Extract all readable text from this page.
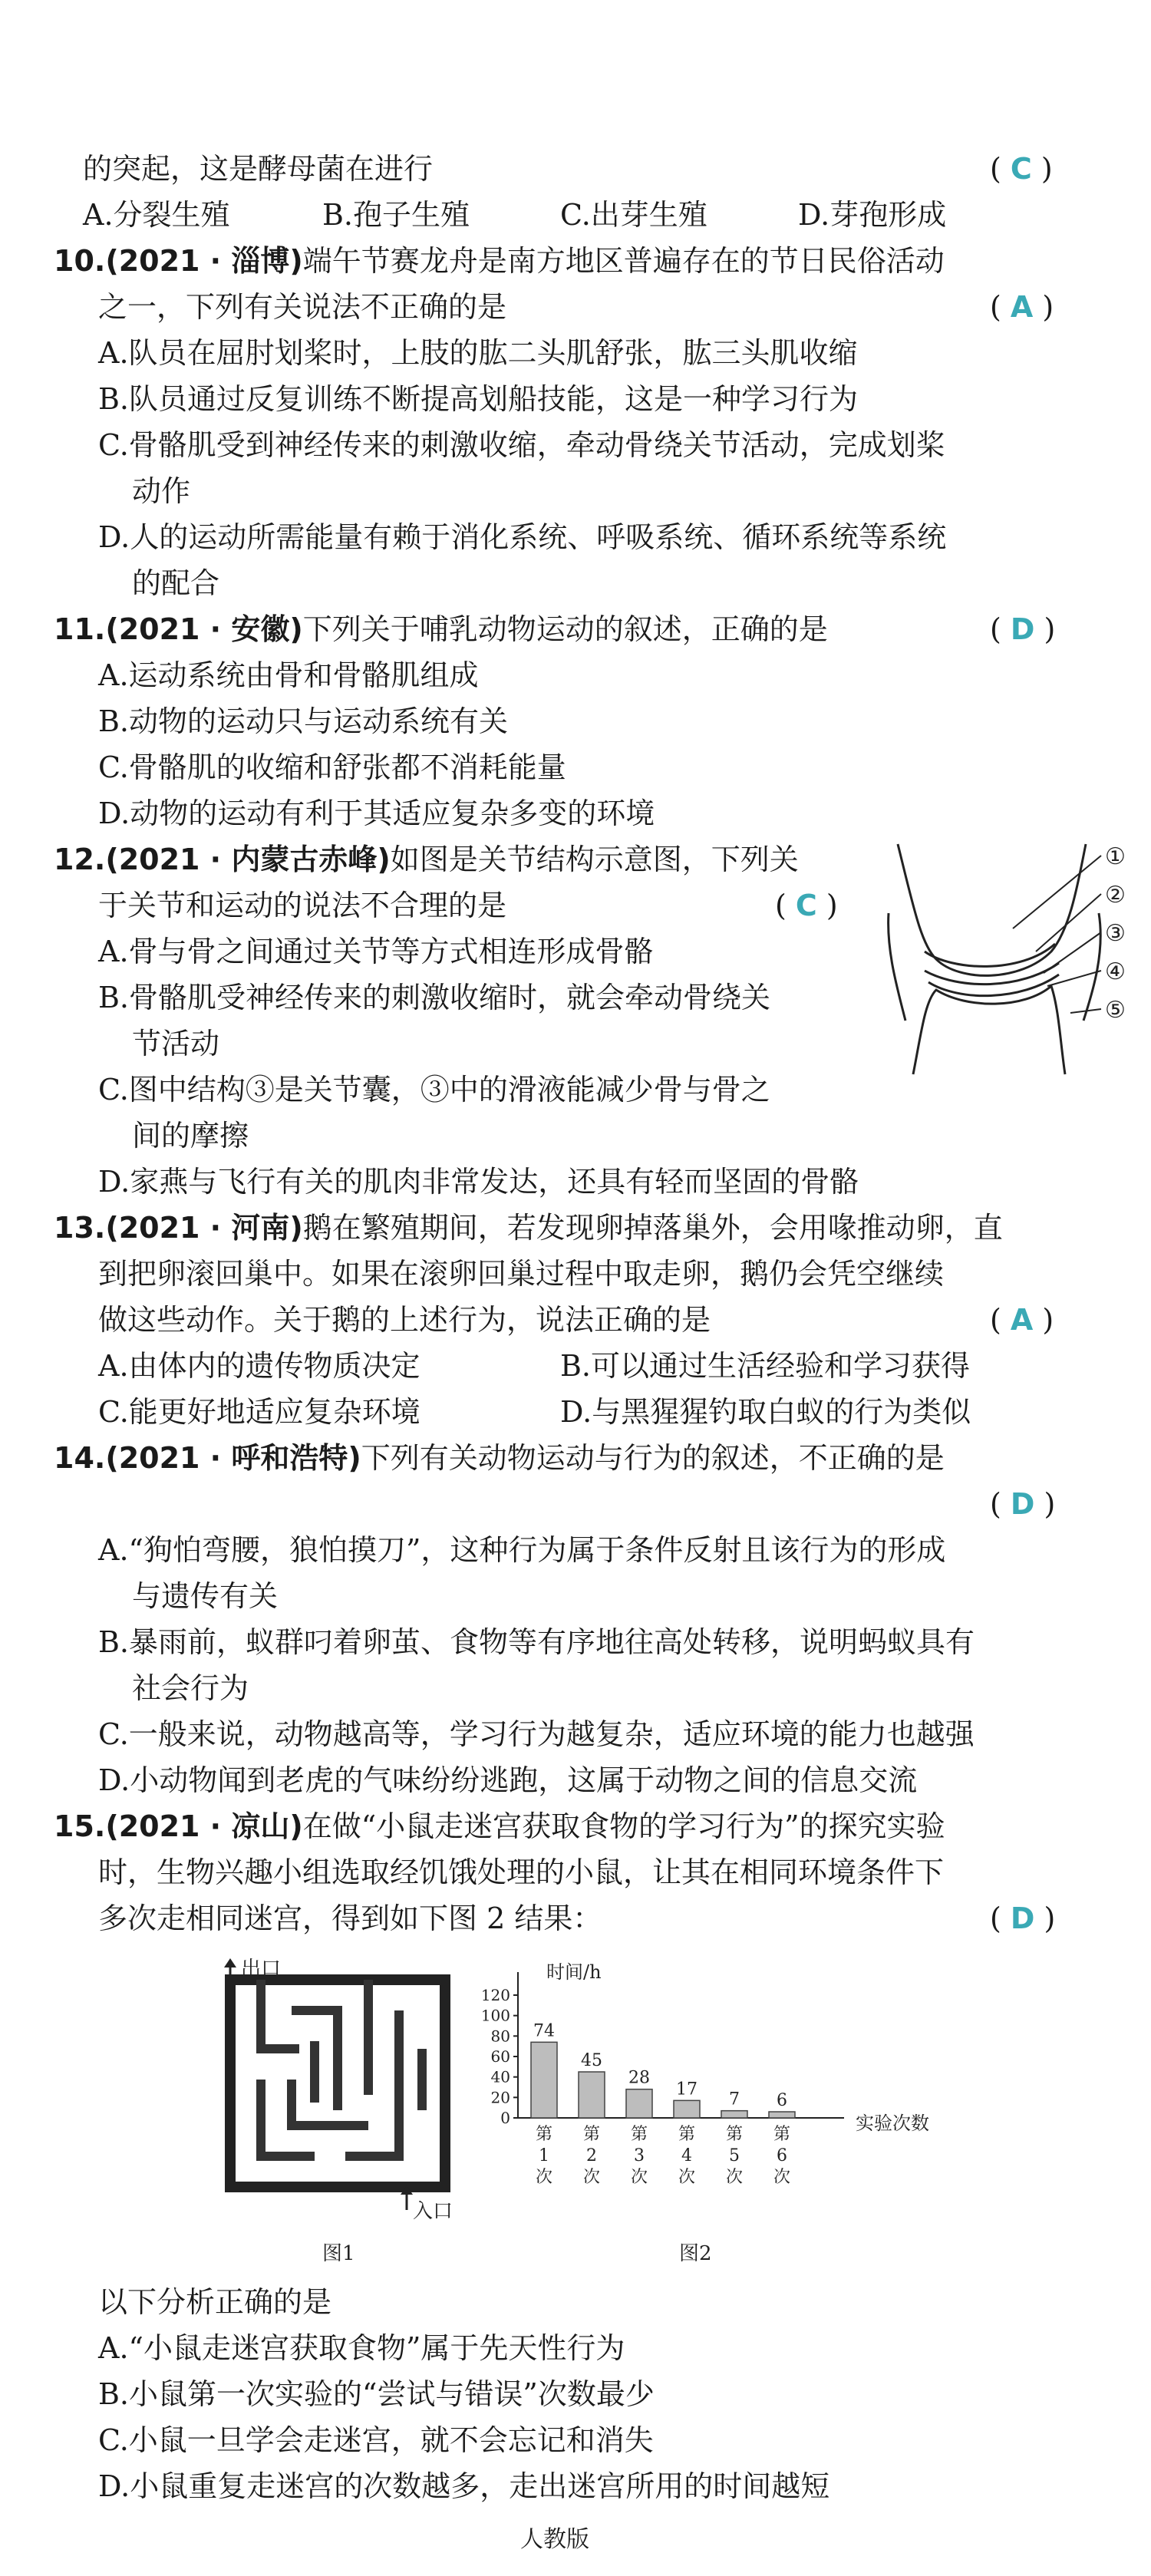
的突起，这是酵母菌在进行	( C )
A.分裂生殖	B.孢子生殖	C.出芽生殖	D.芽孢形成
10.(2021 · 淄博)端午节赛龙舟是南方地区普遍存在的节日民俗活动
之一，下列有关说法不正确的是	( A )
A.队员在屈肘划桨时，上肢的肱二头肌舒张，肱三头肌收缩
B.队员通过反复训练不断提高划船技能，这是一种学习行为
C.骨骼肌受到神经传来的刺激收缩，牵动骨绕关节活动，完成划桨
动作
D.人的运动所需能量有赖于消化系统、呼吸系统、循环系统等系统
的配合
11.(2021 · 安徽)下列关于哺乳动物运动的叙述，正确的是	( D )
A.运动系统由骨和骨骼肌组成
B.动物的运动只与运动系统有关
C.骨骼肌的收缩和舒张都不消耗能量
D.动物的运动有利于其适应复杂多变的环境
12.(2021 · 内蒙古赤峰)如图是关节结构示意图，下列关
于关节和运动的说法不合理的是	( C )
A.骨与骨之间通过关节等方式相连形成骨骼
B.骨骼肌受神经传来的刺激收缩时，就会牵动骨绕关
节活动
C.图中结构③是关节囊，③中的滑液能减少骨与骨之
间的摩擦
D.家燕与飞行有关的肌肉非常发达，还具有轻而坚固的骨骼
①
②
③
④
⑤
13.(2021 · 河南)鹅在繁殖期间，若发现卵掉落巢外，会用喙推动卵，直
到把卵滚回巢中。如果在滚卵回巢过程中取走卵，鹅仍会凭空继续
做这些动作。关于鹅的上述行为，说法正确的是	( A )
A.由体内的遗传物质决定	B.可以通过生活经验和学习获得
C.能更好地适应复杂环境	D.与黑猩猩钓取白蚁的行为类似
14.(2021 · 呼和浩特)下列有关动物运动与行为的叙述，不正确的是
( D )
A.“狗怕弯腰，狼怕摸刀”，这种行为属于条件反射且该行为的形成
与遗传有关
B.暴雨前，蚁群叼着卵茧、食物等有序地往高处转移，说明蚂蚁具有
社会行为
C.一般来说，动物越高等，学习行为越复杂，适应环境的能力也越强
D.小动物闻到老虎的气味纷纷逃跑，这属于动物之间的信息交流
15.(2021 · 凉山)在做“小鼠走迷宫获取食物的学习行为”的探究实验
时，生物兴趣小组选取经饥饿处理的小鼠，让其在相同环境条件下
多次走相同迷宫，得到如下图 2 结果：	( D )
出口
入口
图1
时间/h
实验次数
图2
0
20
40
60
80
100
120
74
第
1
次
45
第
2
次
28
第
3
次
17
第
4
次
7
第
5
次
6
第
6
次
以下分析正确的是
A.“小鼠走迷宫获取食物”属于先天性行为
B.小鼠第一次实验的“尝试与错误”次数最少
C.小鼠一旦学会走迷宫，就不会忘记和消失
D.小鼠重复走迷宫的次数越多，走出迷宫所用的时间越短
人教版
